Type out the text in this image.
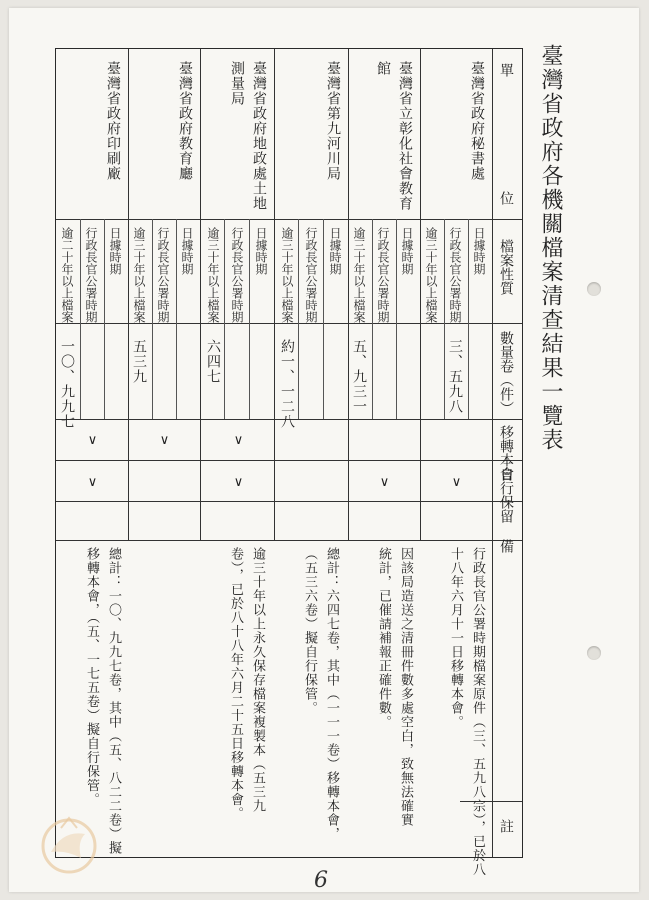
臺灣省政府各機關檔案清查結果一覽表
單
位
檔案性質
數量卷（件）
移轉本會
自行保留
備
註
臺灣省政府秘書處
日據時期
行政長官公署時期
逾三十年以上檔案
三、五九八
∨
臺灣省立彰化社會教育
館
日據時期
行政長官公署時期
逾三十年以上檔案
五、九三一
∨
臺灣省第九河川局
日據時期
行政長官公署時期
逾三十年以上檔案
約一、一二八
臺灣省政府地政處土地
測量局
日據時期
行政長官公署時期
逾三十年以上檔案
六四七
∨
∨
臺灣省政府教育廳
日據時期
行政長官公署時期
逾三十年以上檔案
五三九
∨
臺灣省政府印刷廠
日據時期
行政長官公署時期
逾二十年以上檔案
一〇、九九七
∨
∨
行政長官公署時期檔案原件（三、五九八宗），已於八
十八年六月十一日移轉本會。
因該局造送之清冊件數多處空白，致無法確實
統計，已催請補報正確件數。
總計：六四七卷，其中（一一一卷）移轉本會，
（五三六卷）擬自行保管。
逾三十年以上永久保存檔案複製本（五三九
卷），已於八十八年六月二十五日移轉本會。
總計：一〇、九九七卷，其中（五、八二二卷）擬
移轉本會，（五、一七五卷）擬自行保管。
6
